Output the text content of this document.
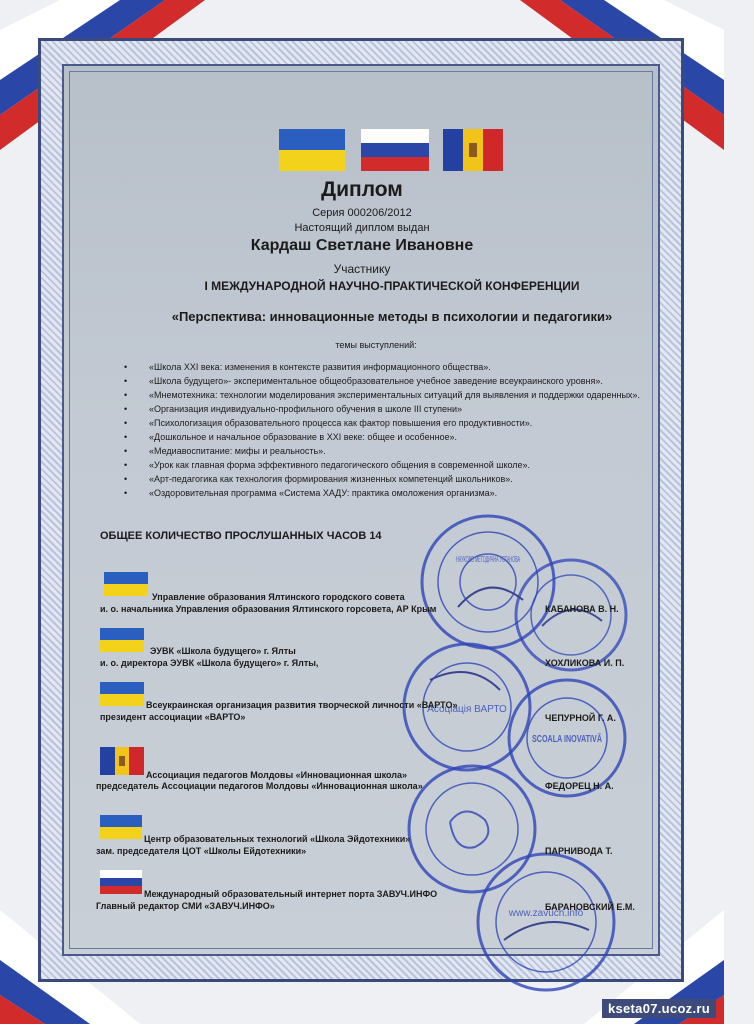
Диплом
Серия 000206/2012
Настоящий диплом выдан
Кардаш Светлане Ивановне
Участнику
I МЕЖДУНАРОДНОЙ НАУЧНО-ПРАКТИЧЕСКОЙ КОНФЕРЕНЦИИ
«Перспектива: инновационные методы в психологии и педагогики»
темы выступлений:
• «Школа XXI века: изменения в контексте развития информационного общества».
• «Школа будущего»- экспериментальное общеобразовательное учебное заведение всеукраинского уровня».
• «Мнемотехника: технологии моделирования экспериментальных ситуаций для выявления и поддержки одаренных».
• «Организация индивидуально-профильного обучения в школе III ступени»
• «Психологизация образовательного процесса как фактор повышения его продуктивности».
• «Дошкольное и начальное образование в XXI веке: общее и особенное».
• «Медиавоспитание: мифы и реальность».
• «Урок как главная форма эффективного педагогического общения в современной школе».
• «Арт-педагогика как технология формирования жизненных компетенций школьников».
• «Оздоровительная программа «Система ХАДУ: практика омоложения организма».
ОБЩЕЕ КОЛИЧЕСТВО ПРОСЛУШАННЫХ ЧАСОВ 14
НАУКОВО МЕТОДИЧНА УСТАНОВА
Асоціація ВАРТО
SCOALA INOVATIVĂ
www.zavuch.info
Управление образования Ялтинского городского совета
и. о. начальника Управления образования Ялтинского горсовета, АР Крым	КАБАНОВА В. Н.
ЭУВК «Школа будущего» г. Ялты
и. о. директора ЭУВК «Школа будущего» г. Ялты,	ХОХЛИКОВА И. П.
Всеукраинская организация развития творческой личности «ВАРТО»
президент ассоциации «ВАРТО»	ЧЕПУРНОЙ Г. А.
Ассоциация педагогов Молдовы «Инновационная школа»
председатель Ассоциации педагогов Молдовы «Инновационная школа»	ФЕДОРЕЦ Н. А.
Центр образовательных технологий «Школа Эйдотехники»
зам. председателя ЦОТ «Школы Ейдотехники»	ПАРНИВОДА Т.
Международный образовательный интернет порта ЗАВУЧ.ИНФО
Главный редактор СМИ «ЗАВУЧ.ИНФО»	БАРАНОВСКИЙ Е.М.
kseta07.ucoz.ru
